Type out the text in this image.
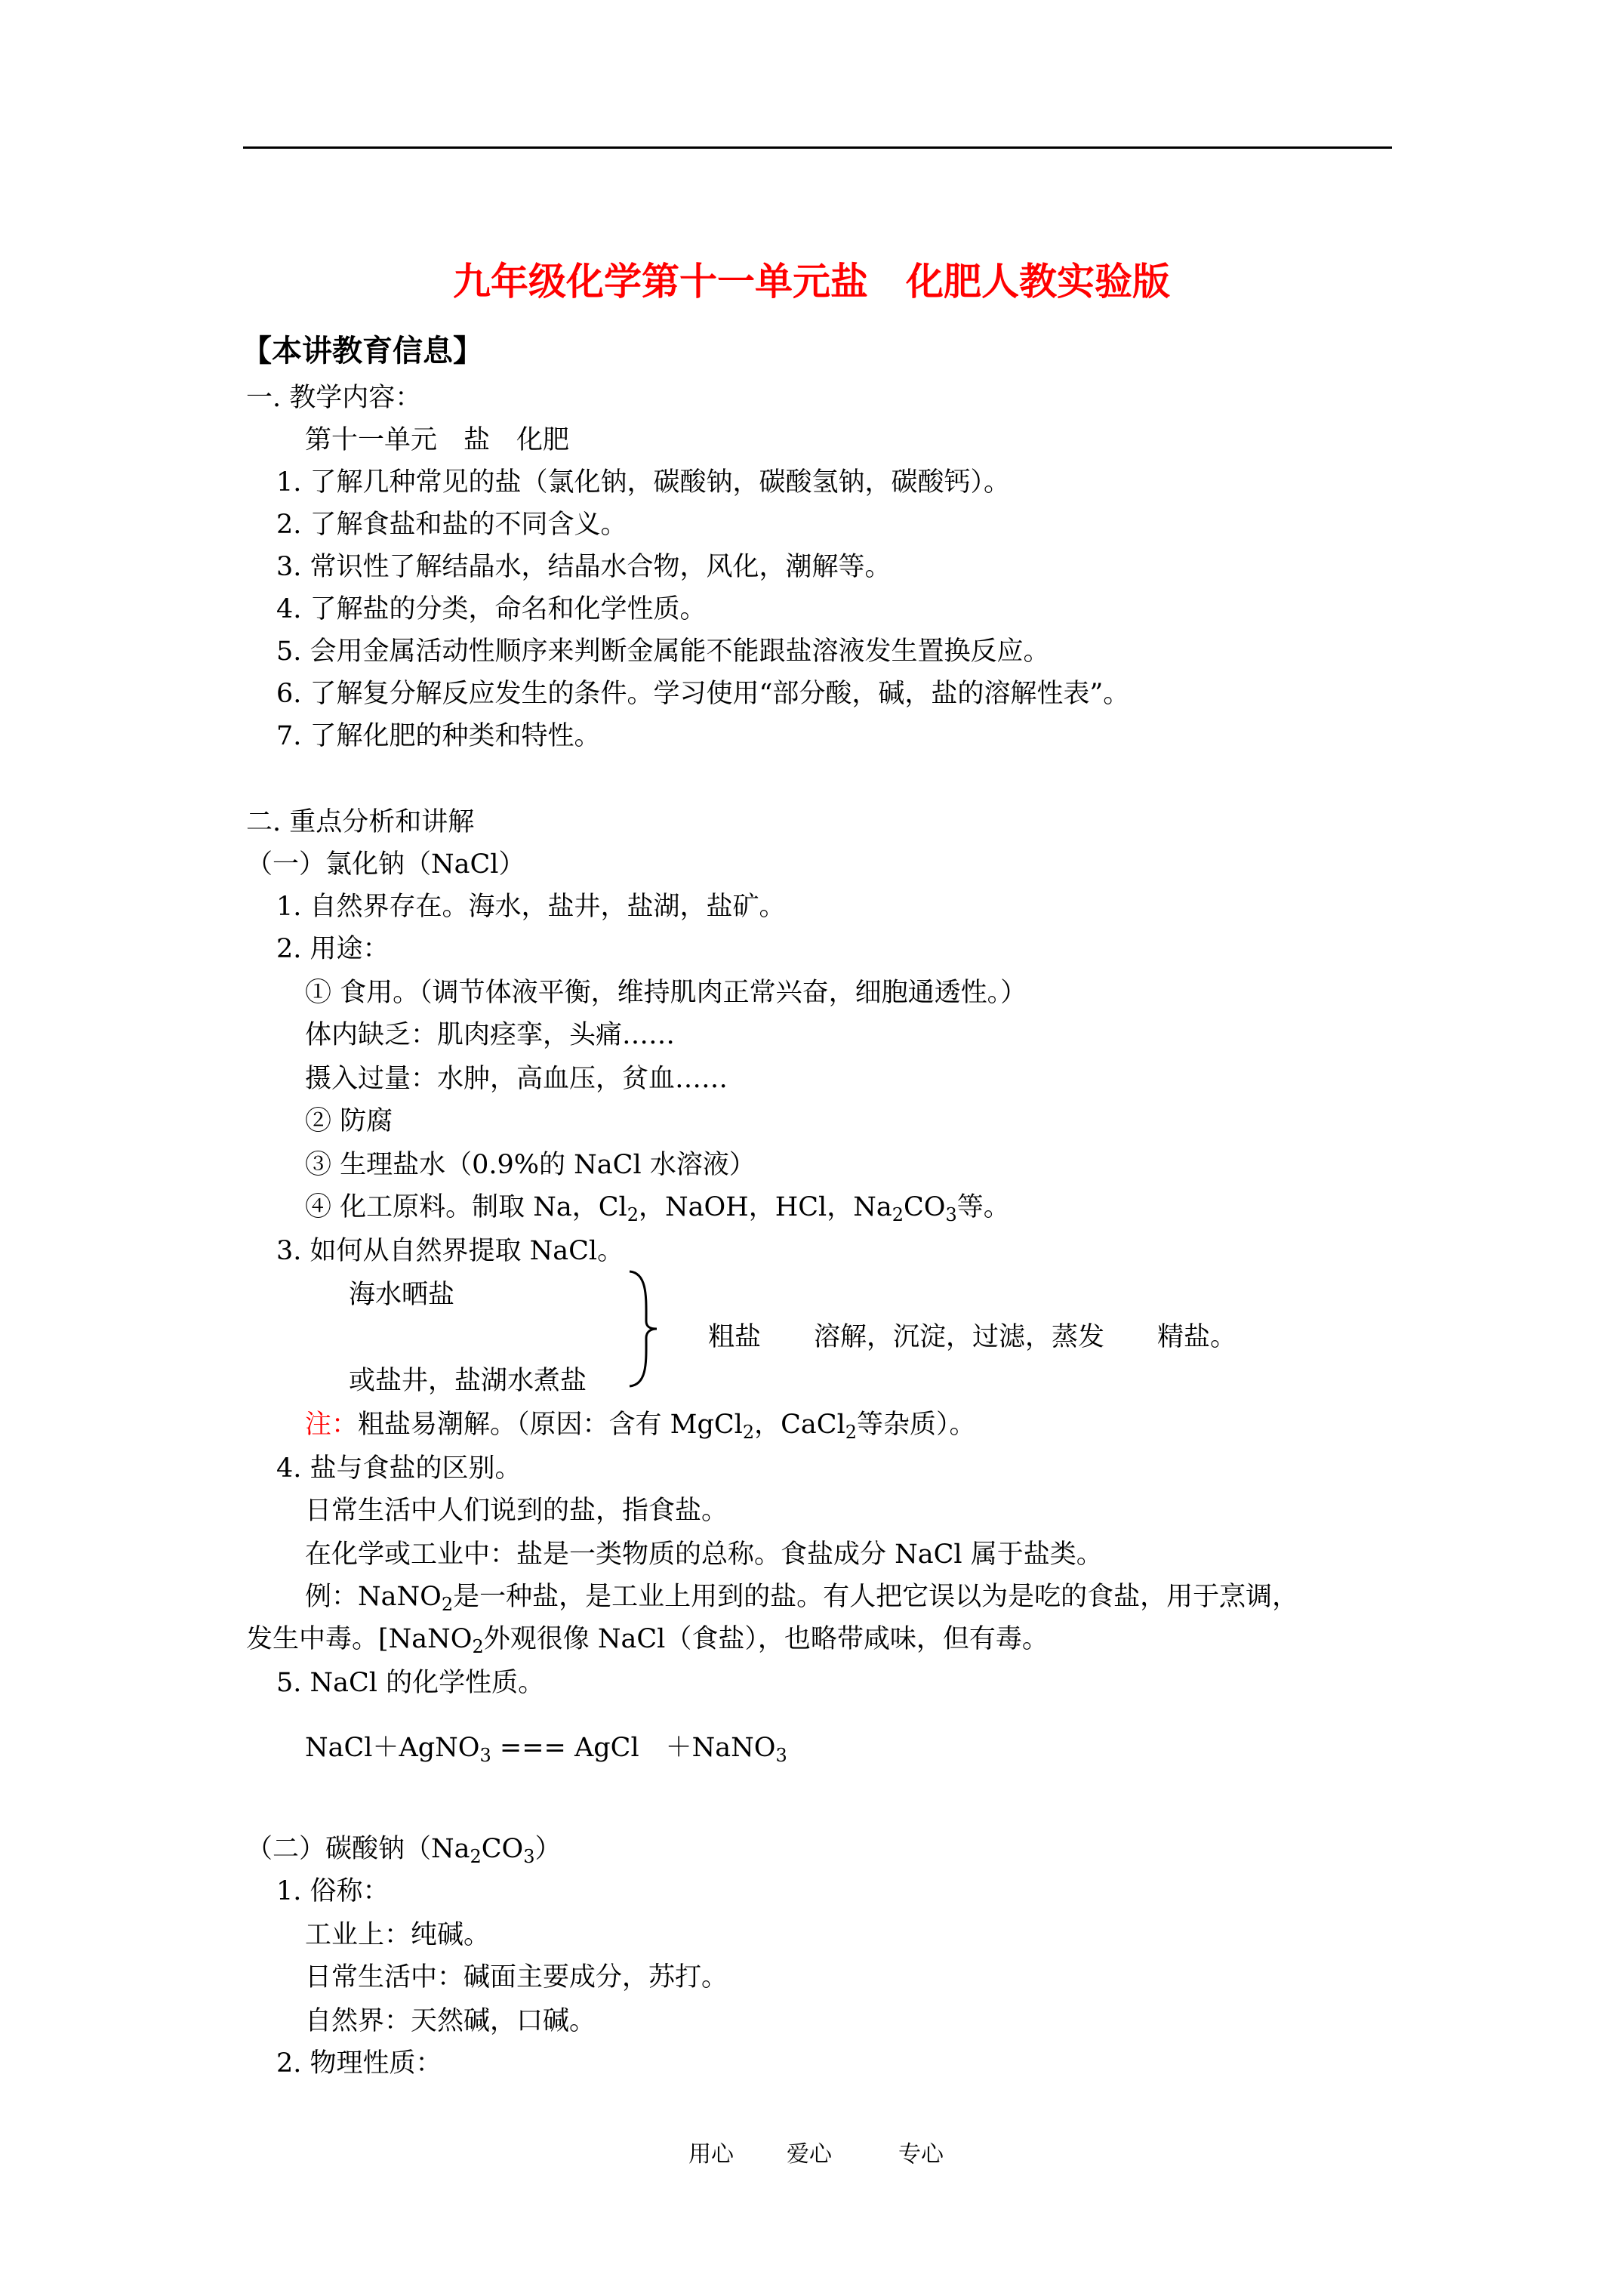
九年级化学第十一单元盐　化肥人教实验版
【本讲教育信息】
一. 教学内容：
第十一单元　盐　化肥
1. 了解几种常见的盐（氯化钠，碳酸钠，碳酸氢钠，碳酸钙）。
2. 了解食盐和盐的不同含义。
3. 常识性了解结晶水，结晶水合物，风化，潮解等。
4. 了解盐的分类，命名和化学性质。
5. 会用金属活动性顺序来判断金属能不能跟盐溶液发生置换反应。
6. 了解复分解反应发生的条件。学习使用“部分酸，碱，盐的溶解性表”。
7. 了解化肥的种类和特性。
二. 重点分析和讲解
（一）氯化钠（NaCl）
1. 自然界存在。海水，盐井，盐湖，盐矿。
2. 用途：
① 食用。（调节体液平衡，维持肌肉正常兴奋，细胞通透性。）
体内缺乏：肌肉痉挛，头痛……
摄入过量：水肿，高血压，贫血……
② 防腐
③ 生理盐水（0.9%的 NaCl 水溶液）
④ 化工原料。制取 Na，$Cl_2$，NaOH，HCl，$Na_2CO_3$等。
3. 如何从自然界提取 NaCl。
海水晒盐
粗盐　　溶解，沉淀，过滤，蒸发　　精盐。
或盐井，盐湖水煮盐
注：粗盐易潮解。（原因：含有 MgCl$_2$，CaCl$_2$等杂质）。
4. 盐与食盐的区别。
日常生活中人们说到的盐，指食盐。
在化学或工业中：盐是一类物质的总称。食盐成分 NaCl 属于盐类。
例：NaNO$_2$是一种盐，是工业上用到的盐。有人把它误以为是吃的食盐，用于烹调，
发生中毒。[NaNO$_2$外观很像 NaCl（食盐），也略带咸味，但有毒。
5. NaCl 的化学性质。
NaCl＋AgNO$_3$ === AgCl　＋NaNO$_3$
（二）碳酸钠$(Na_2CO_3)$
1. 俗称：
工业上：纯碱。
日常生活中：碱面主要成分，苏打。
自然界：天然碱，口碱。
2. 物理性质：
用心 爱心	专心
